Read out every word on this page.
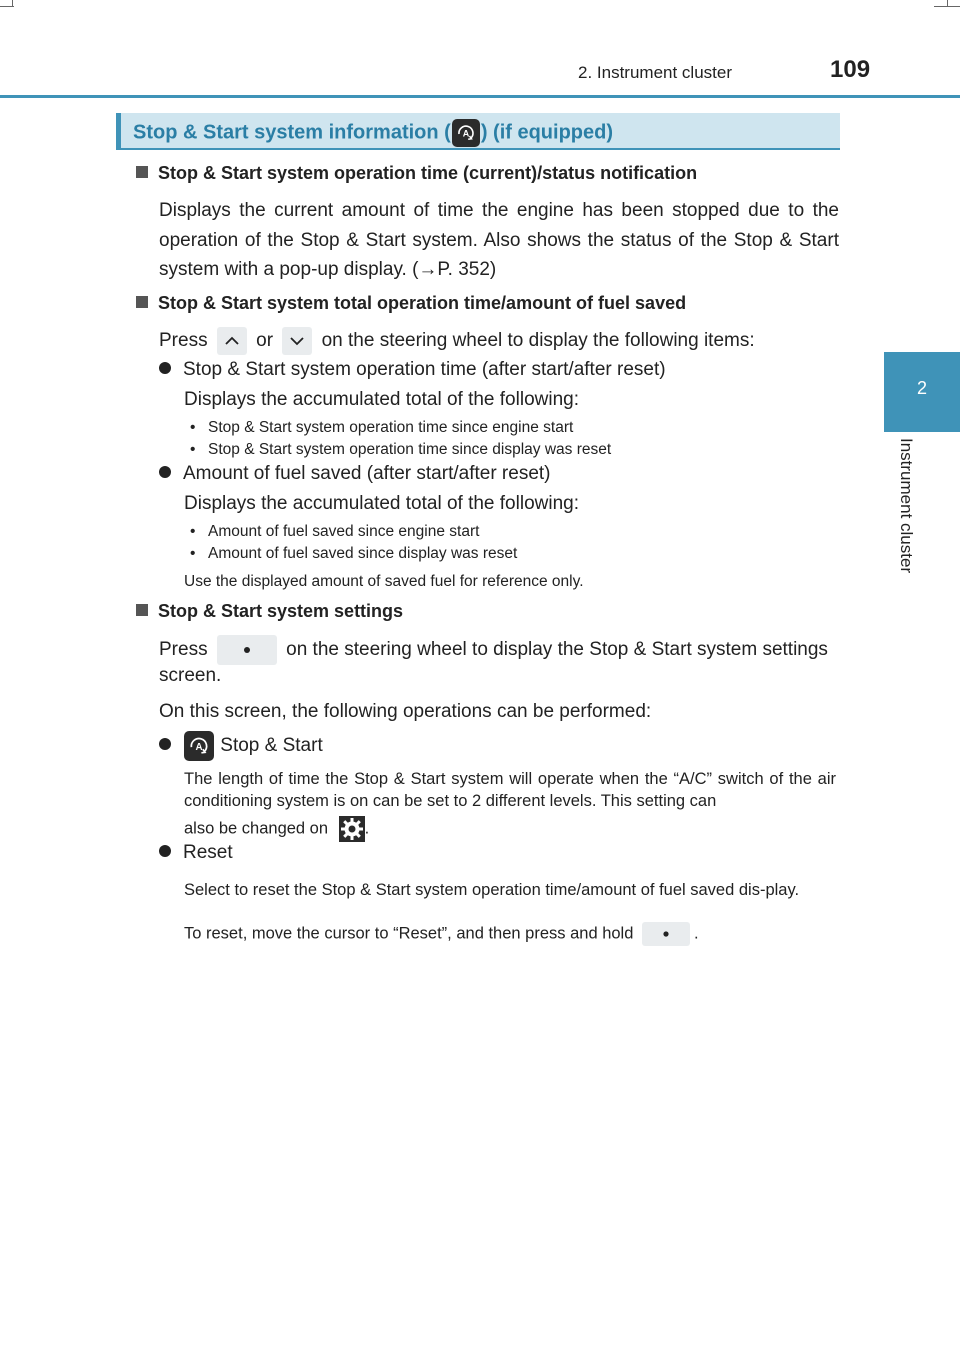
2. Instrument cluster	109
2
Instrument cluster
Stop & Start system information ( A ) (if equipped)
Stop & Start system operation time (current)/status notification
Displays the current amount of time the engine has been stopped due to the operation of the Stop & Start system. Also shows the status of the Stop & Start system with a pop-up display. (→P. 352)
Stop & Start system total operation time/amount of fuel saved
Press	or	on the steering wheel to display the following items:
Stop & Start system operation time (after start/after reset)
Displays the accumulated total of the following:
• Stop & Start system operation time since engine start
• Stop & Start system operation time since display was reset
Amount of fuel saved (after start/after reset)
Displays the accumulated total of the following:
• Amount of fuel saved since engine start
• Amount of fuel saved since display was reset
Use the displayed amount of saved fuel for reference only.
Stop & Start system settings
Press	on the steering wheel to display the Stop & Start system settings
screen.
On this screen, the following operations can be performed:
A Stop & Start
The length of time the Stop & Start system will operate when the “A/C” switch of the air conditioning system is on can be set to 2 different levels. This setting can
also be changed on .
Reset
Select to reset the Stop & Start system operation time/amount of fuel saved dis-play.
To reset, move the cursor to “Reset”, and then press and hold	.
